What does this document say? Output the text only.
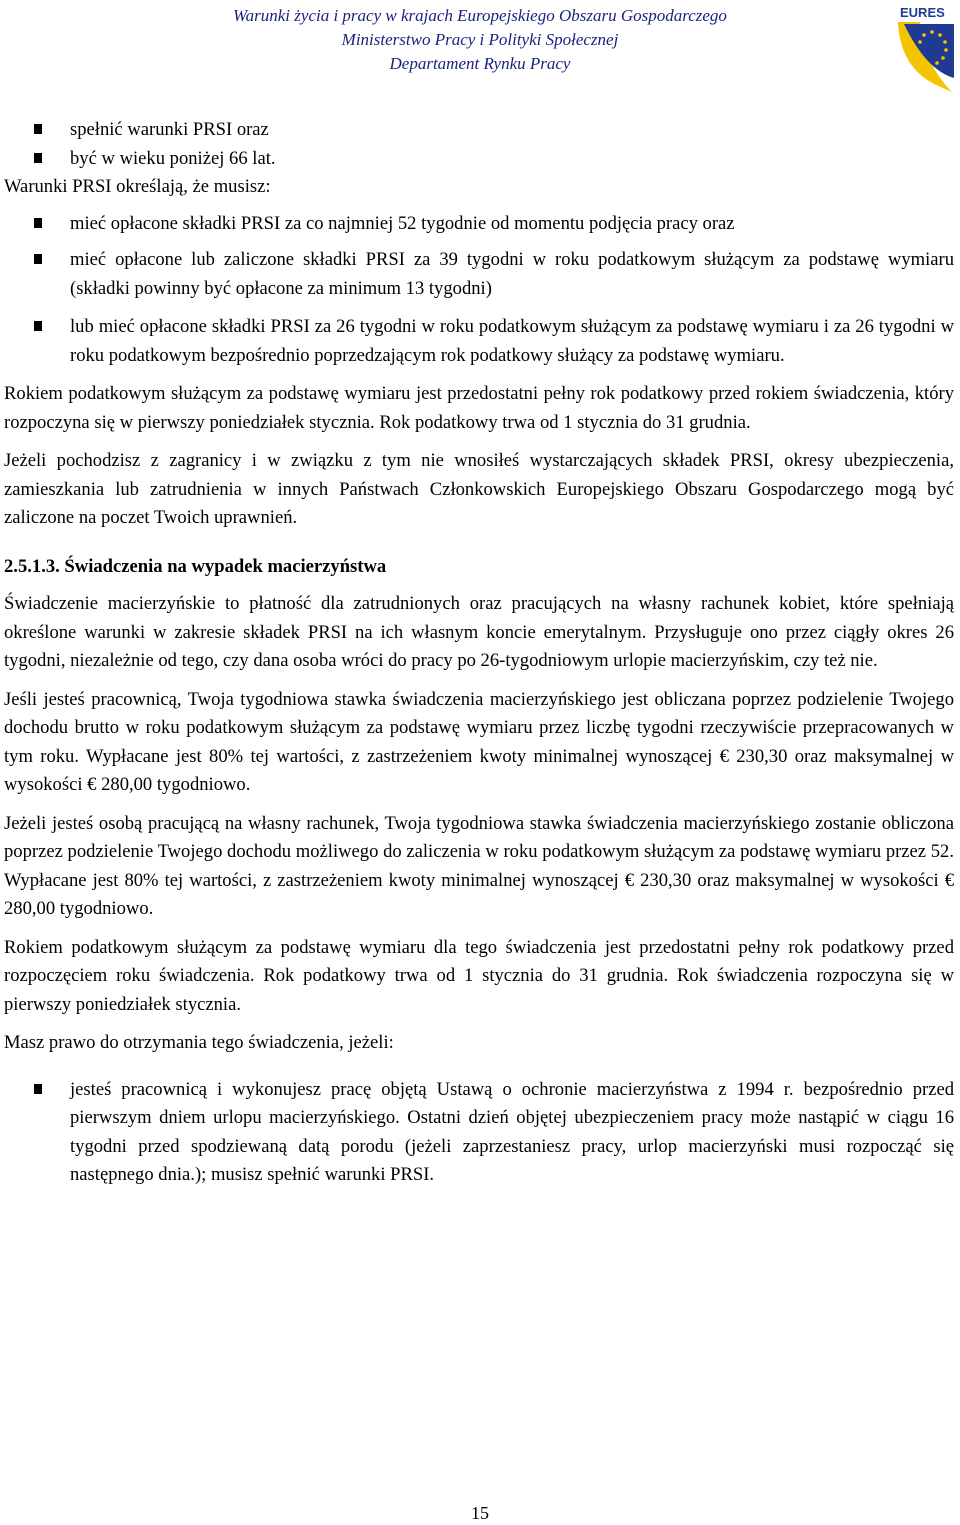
Warunki życia i pracy w krajach Europejskiego Obszaru Gospodarczego
Ministerstwo Pracy i Polityki Społecznej
Departament Rynku Pracy
EURES
spełnić warunki PRSI oraz
być w wieku poniżej 66 lat.

Warunki PRSI określają, że musisz:

mieć opłacone składki PRSI za co najmniej 52 tygodnie od momentu podjęcia pracy oraz
mieć opłacone lub zaliczone składki PRSI za 39 tygodni w roku podatkowym służącym za podstawę wymiaru (składki powinny być opłacone za minimum 13 tygodni)
lub mieć opłacone składki PRSI za 26 tygodni w roku podatkowym służącym za podstawę wymiaru i za 26 tygodni w roku podatkowym bezpośrednio poprzedzającym rok podatkowy służący za podstawę wymiaru.

Rokiem podatkowym służącym za podstawę wymiaru jest przedostatni pełny rok podatkowy przed rokiem świadczenia, który rozpoczyna się w pierwszy poniedziałek stycznia. Rok podatkowy trwa od 1 stycznia do 31 grudnia.

Jeżeli pochodzisz z zagranicy i w związku z tym nie wnosiłeś wystarczających składek PRSI, okresy ubezpieczenia, zamieszkania lub zatrudnienia w innych Państwach Członkowskich Europejskiego Obszaru Gospodarczego mogą być zaliczone na poczet Twoich uprawnień.

2.5.1.3. Świadczenia na wypadek macierzyństwa

Świadczenie macierzyńskie to płatność dla zatrudnionych oraz pracujących na własny rachunek kobiet, które spełniają określone warunki w zakresie składek PRSI na ich własnym koncie emerytalnym. Przysługuje ono przez ciągły okres 26 tygodni, niezależnie od tego, czy dana osoba wróci do pracy po 26-tygodniowym urlopie macierzyńskim, czy też nie.

Jeśli jesteś pracownicą, Twoja tygodniowa stawka świadczenia macierzyńskiego jest obliczana poprzez podzielenie Twojego dochodu brutto w roku podatkowym służącym za podstawę wymiaru przez liczbę tygodni rzeczywiście przepracowanych w tym roku. Wypłacane jest 80% tej wartości, z zastrzeżeniem kwoty minimalnej wynoszącej € 230,30 oraz maksymalnej w wysokości € 280,00 tygodniowo.

Jeżeli jesteś osobą pracującą na własny rachunek, Twoja tygodniowa stawka świadczenia macierzyńskiego zostanie obliczona poprzez podzielenie Twojego dochodu możliwego do zaliczenia w roku podatkowym służącym za podstawę wymiaru przez 52. Wypłacane jest 80% tej wartości, z zastrzeżeniem kwoty minimalnej wynoszącej € 230,30 oraz maksymalnej w wysokości € 280,00 tygodniowo.

Rokiem podatkowym służącym za podstawę wymiaru dla tego świadczenia jest przedostatni pełny rok podatkowy przed rozpoczęciem roku świadczenia. Rok podatkowy trwa od 1 stycznia do 31 grudnia. Rok świadczenia rozpoczyna się w pierwszy poniedziałek stycznia.

Masz prawo do otrzymania tego świadczenia, jeżeli:

jesteś pracownicą i wykonujesz pracę objętą Ustawą o ochronie macierzyństwa z 1994 r. bezpośrednio przed pierwszym dniem urlopu macierzyńskiego. Ostatni dzień objętej ubezpieczeniem pracy może nastąpić w ciągu 16 tygodni przed spodziewaną datą porodu (jeżeli zaprzestaniesz pracy, urlop macierzyński musi rozpocząć się następnego dnia.); musisz spełnić warunki PRSI.
15
